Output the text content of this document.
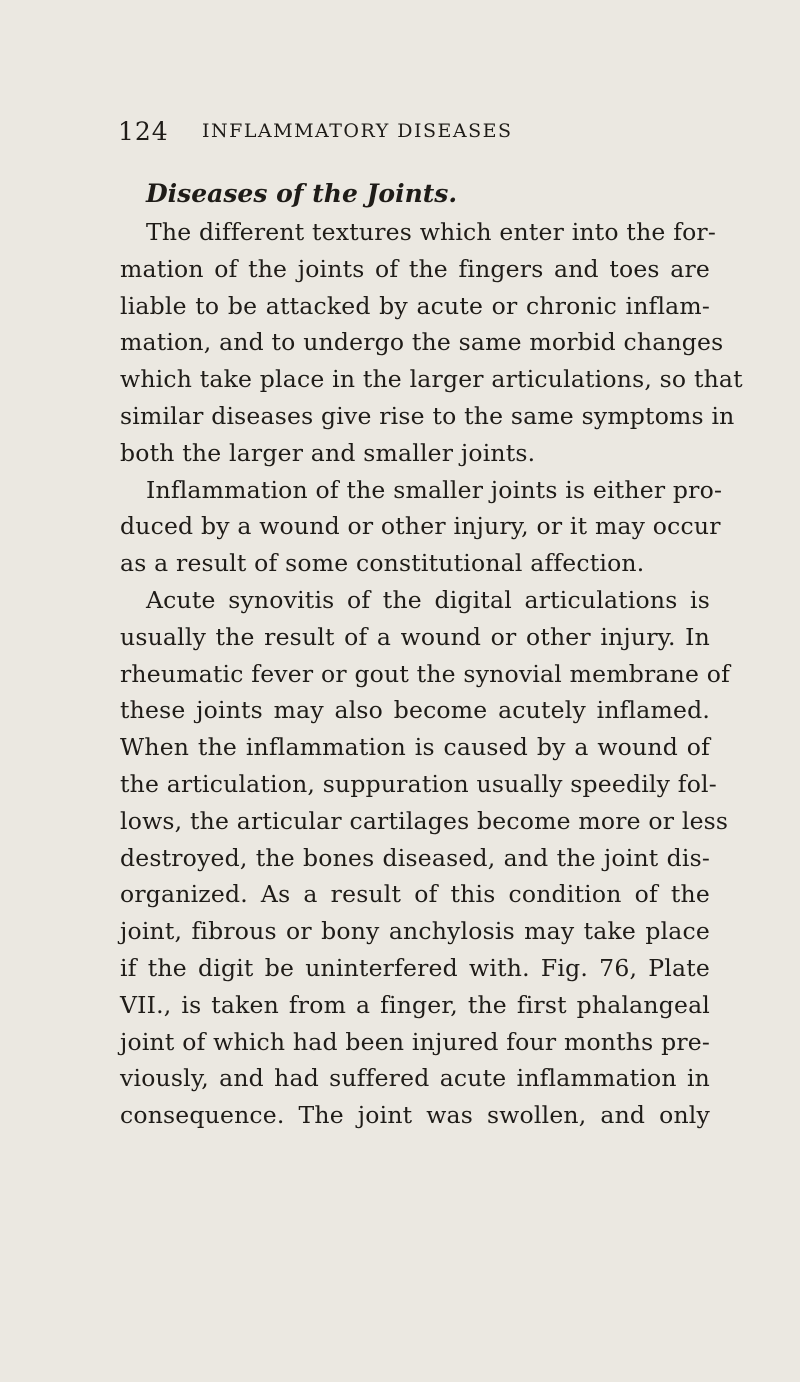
124 INFLAMMATORY DISEASES
Diseases of the Joints.
The different textures which enter into the for-
mation of the joints of the fingers and toes are
liable to be attacked by acute or chronic inflam-
mation, and to undergo the same morbid changes
which take place in the larger articulations, so that
similar diseases give rise to the same symptoms in
both the larger and smaller joints.
Inflammation of the smaller joints is either pro-
duced by a wound or other injury, or it may occur
as a result of some constitutional affection.
Acute synovitis of the digital articulations is
usually the result of a wound or other injury. In
rheumatic fever or gout the synovial membrane of
these joints may also become acutely inflamed.
When the inflammation is caused by a wound of
the articulation, suppuration usually speedily fol-
lows, the articular cartilages become more or less
destroyed, the bones diseased, and the joint dis-
organized. As a result of this condition of the
joint, fibrous or bony anchylosis may take place
if the digit be uninterfered with. Fig. 76, Plate
VII., is taken from a finger, the first phalangeal
joint of which had been injured four months pre-
viously, and had suffered acute inflammation in
consequence. The joint was swollen, and only
